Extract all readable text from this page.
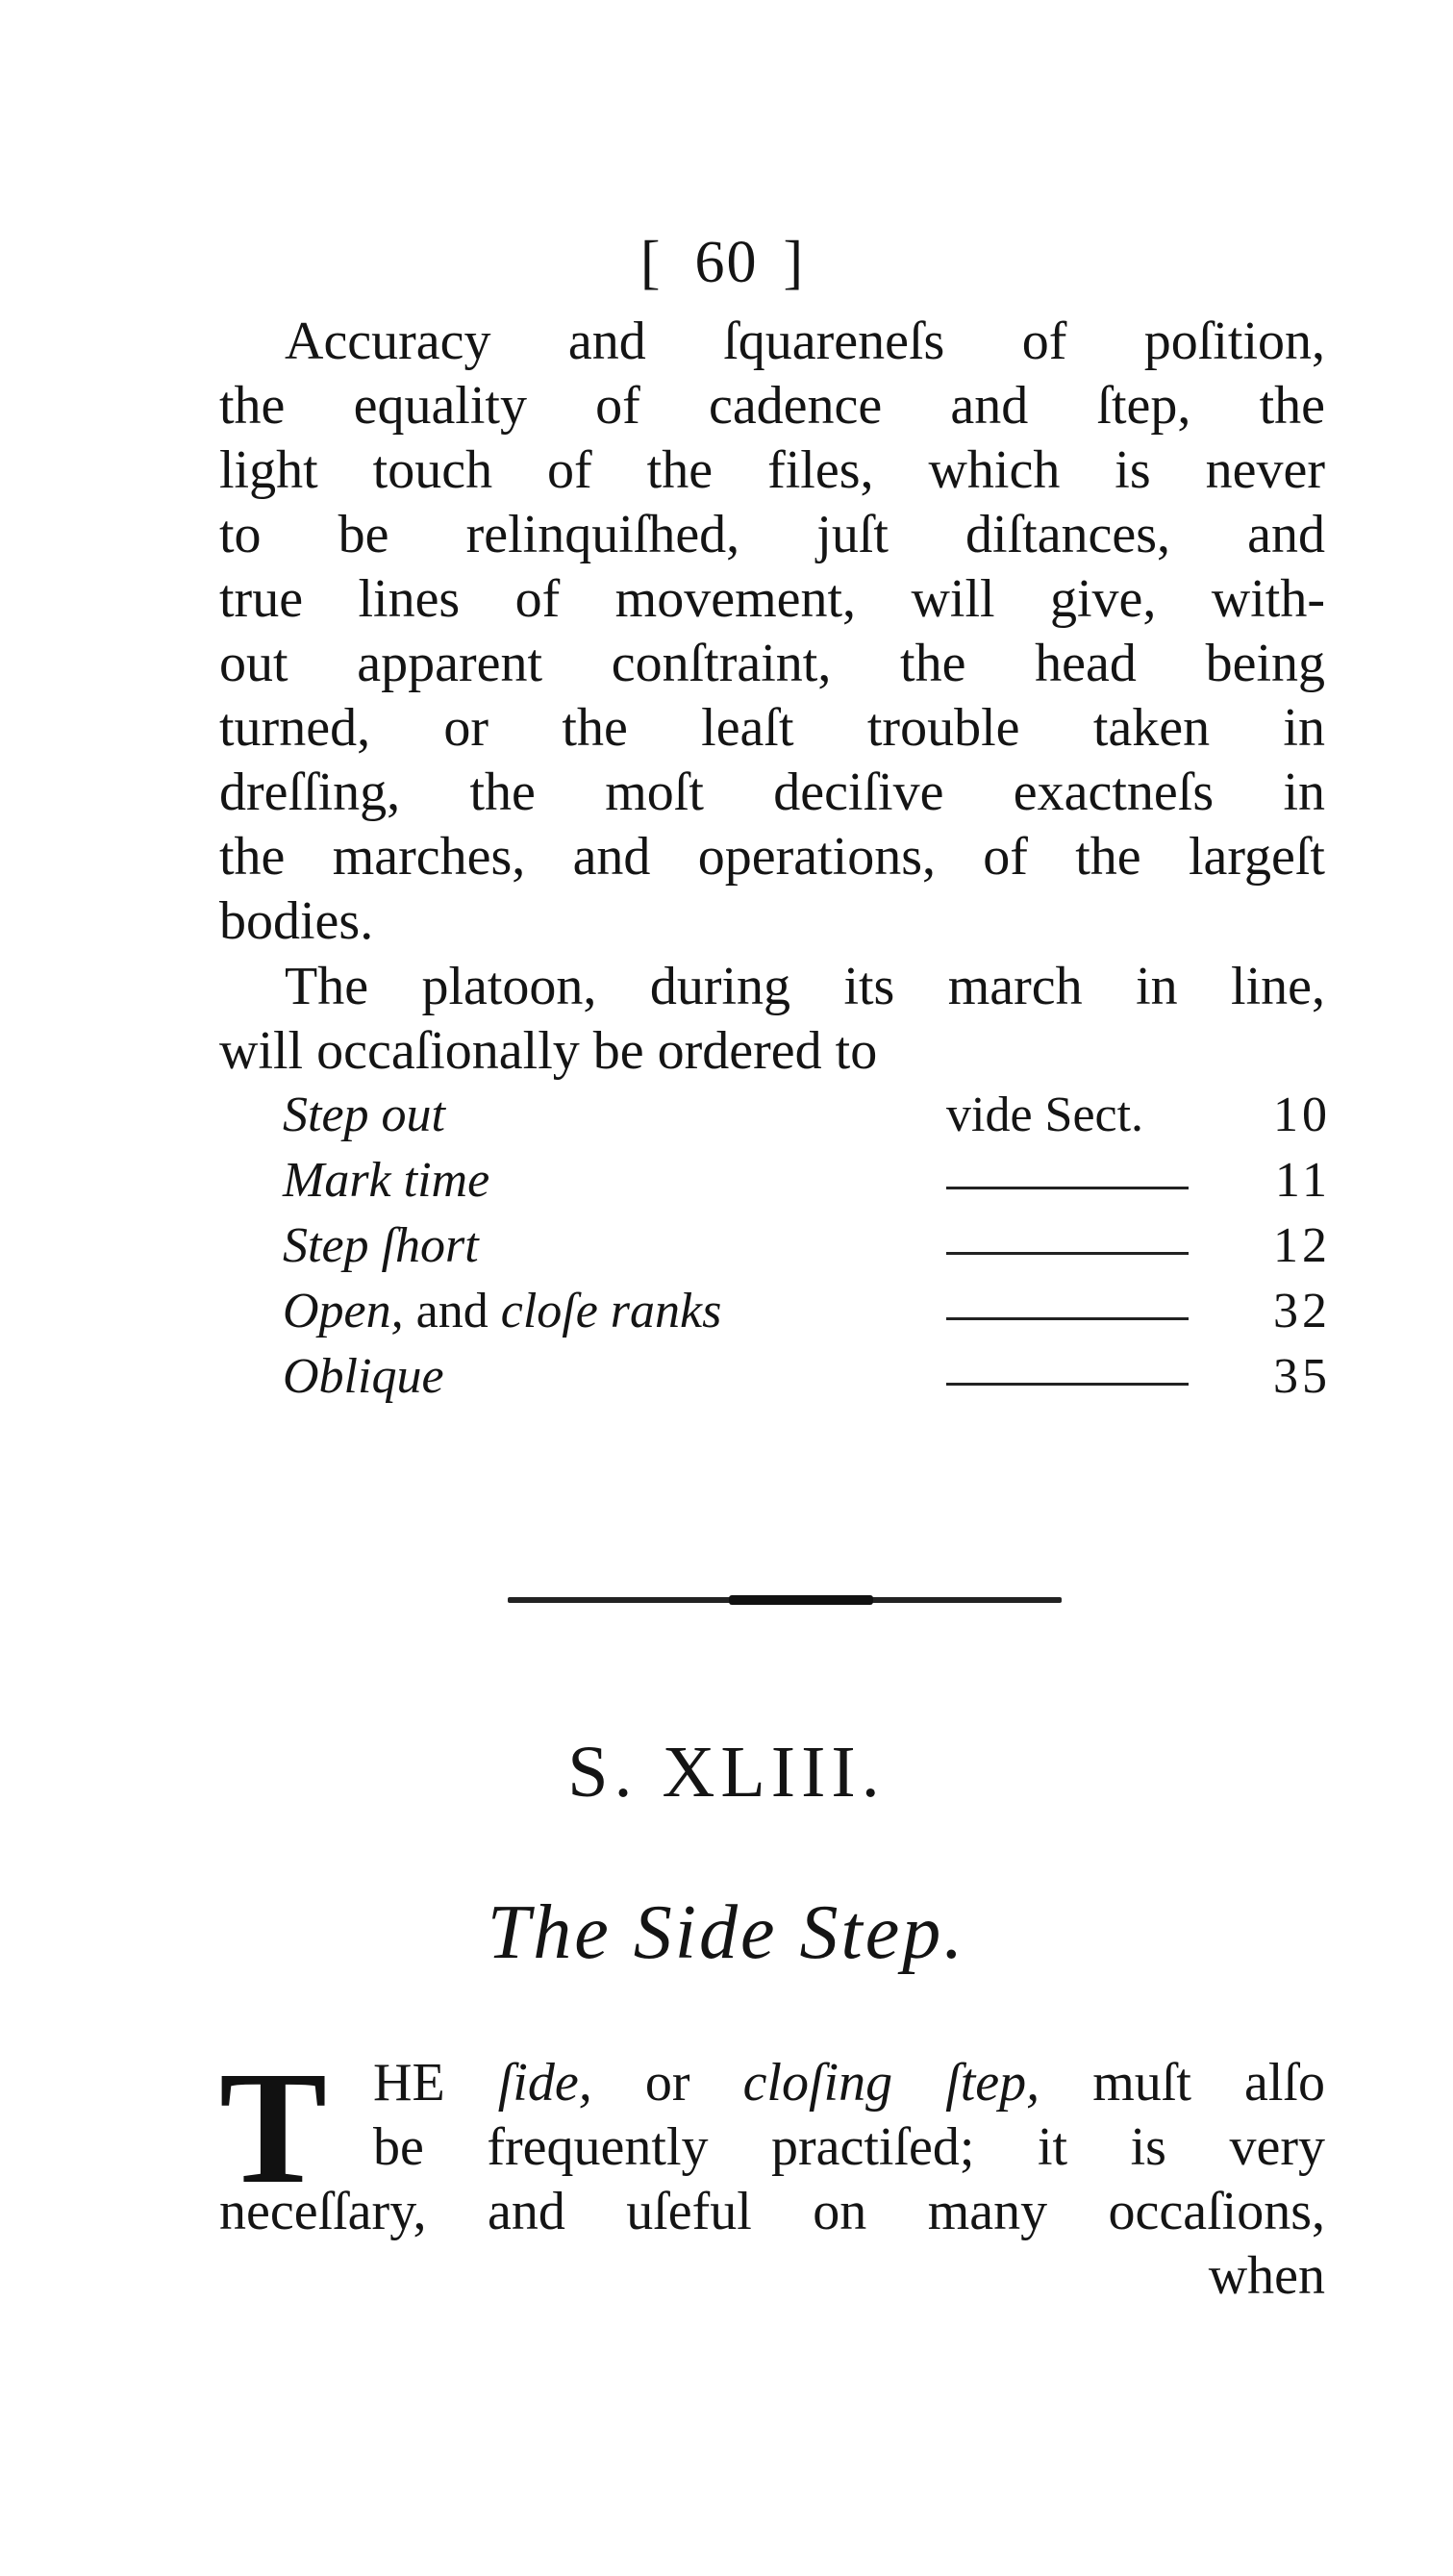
[ 60 ]
Accuracy and ſquareneſs of poſition,
the equality of cadence and ſtep, the
light touch of the files, which is never
to be relinquiſhed, juſt diſtances, and
true lines of movement, will give, with-
out apparent conſtraint, the head being
turned, or the leaſt trouble taken in
dreſſing, the moſt deciſive exactneſs in
the marches, and operations, of the largeſt
bodies.
The platoon, during its march in line,
will occaſionally be ordered to
Step out	vide Sect.	10
Mark time	11
Step ſhort	12
Open, and cloſe ranks	32
Oblique	35
S. XLIII.
The Side Step.
T HE ſide, or cloſing ſtep, muſt alſo
be frequently practiſed; it is very
neceſſary, and uſeful on many occaſions,
when
